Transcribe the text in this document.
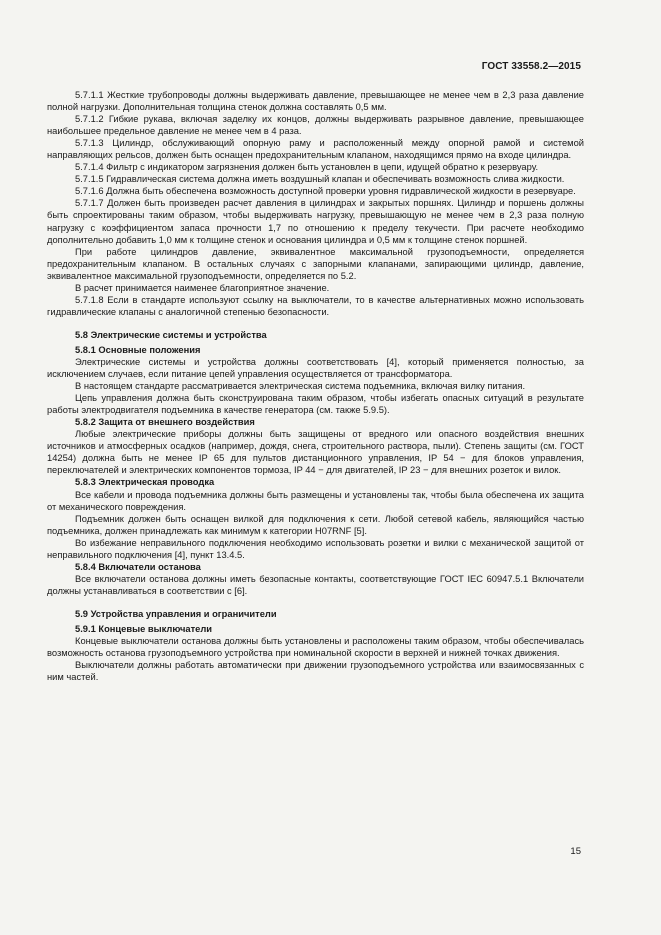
ГОСТ 33558.2—2015

5.7.1.1 Жесткие трубопроводы должны выдерживать давление, превышающее не менее чем в 2,3 раза давление полной нагрузки. Дополнительная толщина стенок должна составлять 0,5 мм.

5.7.1.2 Гибкие рукава, включая заделку их концов, должны выдерживать разрывное давление, превышающее наибольшее предельное давление не менее чем в 4 раза.

5.7.1.3 Цилиндр, обслуживающий опорную раму и расположенный между опорной рамой и системой направляющих рельсов, должен быть оснащен предохранительным клапаном, находящимся прямо на входе цилиндра.

5.7.1.4 Фильтр с индикатором загрязнения должен быть установлен в цепи, идущей обратно к резервуару.

5.7.1.5 Гидравлическая система должна иметь воздушный клапан и обеспечивать возможность слива жидкости.

5.7.1.6 Должна быть обеспечена возможность доступной проверки уровня гидравлической жидкости в резервуаре.

5.7.1.7 Должен быть произведен расчет давления в цилиндрах и закрытых поршнях. Цилиндр и поршень должны быть спроектированы таким образом, чтобы выдерживать нагрузку, превышающую не менее чем в 2,3 раза полную нагрузку с коэффициентом запаса прочности 1,7 по отношению к пределу текучести. При расчете необходимо дополнительно добавить 1,0 мм к толщине стенок и основания цилиндра и 0,5 мм к толщине стенок поршней.

При работе цилиндров давление, эквивалентное максимальной грузоподъемности, определяется предохранительным клапаном. В остальных случаях с запорными клапанами, запирающими цилиндр, давление, эквивалентное максимальной грузоподъемности, определяется по 5.2.

В расчет принимается наименее благоприятное значение.

5.7.1.8 Если в стандарте используют ссылку на выключатели, то в качестве альтернативных можно использовать гидравлические клапаны с аналогичной степенью безопасности.

5.8 Электрические системы и устройства

5.8.1 Основные положения

Электрические системы и устройства должны соответствовать [4], который применяется полностью, за исключением случаев, если питание цепей управления осуществляется от трансформатора.

В настоящем стандарте рассматривается электрическая система подъемника, включая вилку питания.

Цепь управления должна быть сконструирована таким образом, чтобы избегать опасных ситуаций в результате работы электродвигателя подъемника в качестве генератора (см. также 5.9.5).

5.8.2 Защита от внешнего воздействия

Любые электрические приборы должны быть защищены от вредного или опасного воздействия внешних источников и атмосферных осадков (например, дождя, снега, строительного раствора, пыли). Степень защиты (см. ГОСТ 14254) должна быть не менее IP 65 для пультов дистанционного управления, IP 54 − для блоков управления, переключателей и электрических компонентов тормоза, IP 44 − для двигателей, IP 23 − для внешних розеток и вилок.

5.8.3 Электрическая проводка

Все кабели и провода подъемника должны быть размещены и установлены так, чтобы была обеспечена их защита от механического повреждения.

Подъемник должен быть оснащен вилкой для подключения к сети. Любой сетевой кабель, являющийся частью подъемника, должен принадлежать как минимум к категории H07RNF [5].

Во избежание неправильного подключения необходимо использовать розетки и вилки с механической защитой от неправильного подключения [4], пункт 13.4.5.

5.8.4 Включатели останова

Все включатели останова должны иметь безопасные контакты, соответствующие ГОСТ IEC 60947.5.1 Включатели должны устанавливаться в соответствии с [6].

5.9 Устройства управления и ограничители

5.9.1 Концевые выключатели

Концевые выключатели останова должны быть установлены и расположены таким образом, чтобы обеспечивалась возможность останова грузоподъемного устройства при номинальной скорости в верхней и нижней точках движения.

Выключатели должны работать автоматически при движении грузоподъемного устройства или взаимосвязанных с ним частей.

15
